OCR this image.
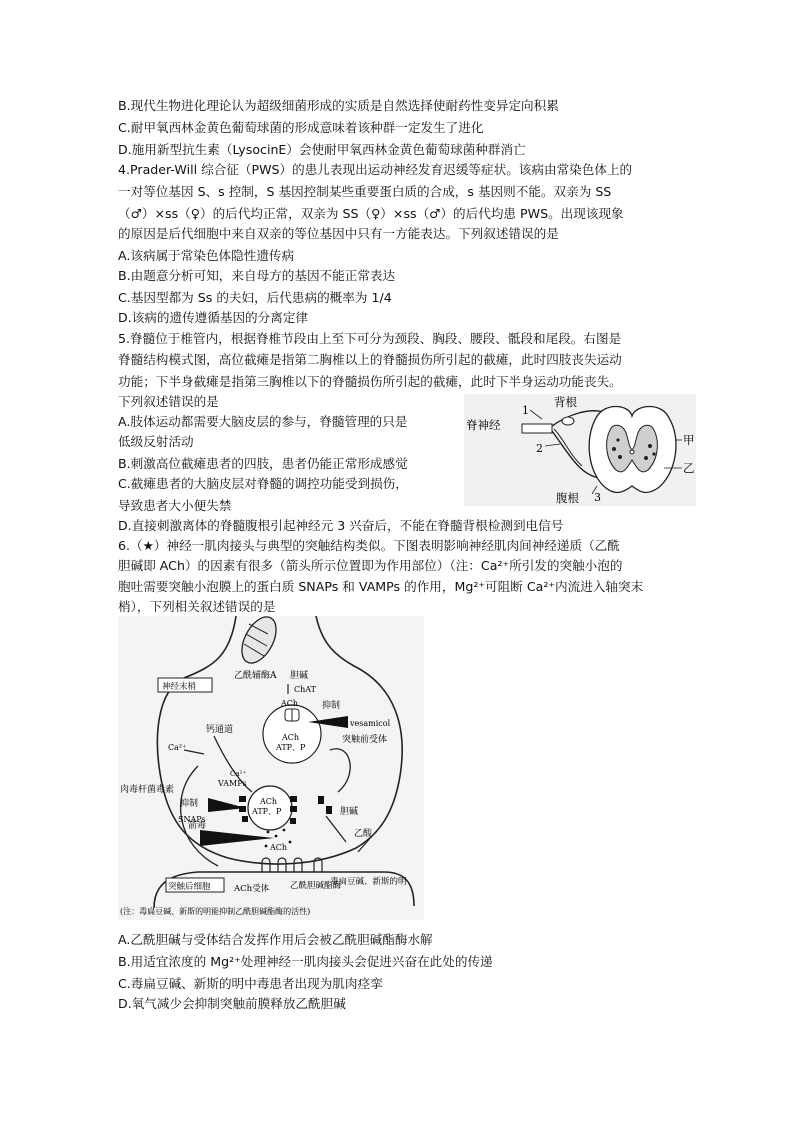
B.现代生物进化理论认为超级细菌形成的实质是自然选择使耐药性变异定向积累
C.耐甲氧西林金黄色葡萄球菌的形成意味着该种群一定发生了进化
D.施用新型抗生素（LysocinE）会使耐甲氧西林金黄色葡萄球菌种群消亡
4.Prader-Will 综合征（PWS）的患儿表现出运动神经发育迟缓等症状。该病由常染色体上的
一对等位基因 S、s 控制，S 基因控制某些重要蛋白质的合成，s 基因则不能。双亲为 SS
（♂）×ss（♀）的后代均正常，双亲为 SS（♀）×ss（♂）的后代均患 PWS。出现该现象
的原因是后代细胞中来自双亲的等位基因中只有一方能表达。下列叙述错误的是
A.该病属于常染色体隐性遗传病
B.由题意分析可知，来自母方的基因不能正常表达
C.基因型都为 Ss 的夫妇，后代患病的概率为 1/4
D.该病的遗传遵循基因的分离定律
5.脊髓位于椎管内，根据脊椎节段由上至下可分为颈段、胸段、腰段、骶段和尾段。右图是
脊髓结构模式图，高位截瘫是指第二胸椎以上的脊髓损伤所引起的截瘫，此时四肢丧失运动
功能；下半身截瘫是指第三胸椎以下的脊髓损伤所引起的截瘫，此时下半身运动功能丧失。
下列叙述错误的是
A.肢体运动都需要大脑皮层的参与，脊髓管理的只是
低级反射活动
B.刺激高位截瘫患者的四肢，患者仍能正常形成感觉
C.截瘫患者的大脑皮层对脊髓的调控功能受到损伤，
导致患者大小便失禁
D.直接刺激离体的脊髓腹根引起神经元 3 兴奋后，不能在脊髓背根检测到电信号
6.（★）神经一肌肉接头与典型的突触结构类似。下图表明影响神经肌肉间神经递质（乙酰
胆碱即 ACh）的因素有很多（箭头所示位置即为作用部位）（注：Ca²⁺所引发的突触小泡的
胞吐需要突触小泡膜上的蛋白质 SNAPs 和 VAMPs 的作用，Mg²⁺可阻断 Ca²⁺内流进入轴突末
梢），下列相关叙述错误的是
A.乙酰胆碱与受体结合发挥作用后会被乙酰胆碱酯酶水解
B.用适宜浓度的 Mg²⁺处理神经一肌肉接头会促进兴奋在此处的传递
C.毒扁豆碱、新斯的明中毒患者出现为肌肉痉挛
D.氧气减少会抑制突触前膜释放乙酰胆碱
脊神经
背根
腹根
1
2
3
甲
乙
乙酰辅酶A 胆碱
ChAT
ACh	抑制
vesamicol
神经末梢
钙通道
Ca²⁺
ACh
ATP、P
突触前受体
Ca²⁺
VAMPs
肉毒杆菌毒素
抑制	ACh
ATP、P
SNAPs
胆碱
乙酸
箭毒
ACh
突触后细胞	ACh受体 乙酰胆碱酯酶
毒扁豆碱、新斯的明
(注：毒扁豆碱、新斯的明能抑制乙酰胆碱酯酶的活性)
